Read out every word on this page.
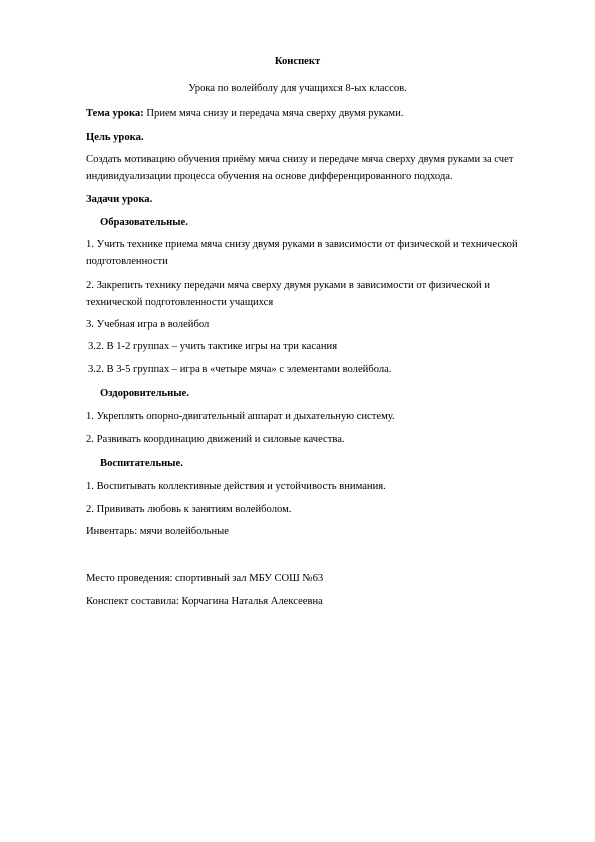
Конспект
Урока по волейболу для учащихся 8-ых классов.
Тема урока: Прием мяча снизу и передача мяча сверху двумя руками.
Цель урока.
Создать мотивацию обучения приёму мяча снизу и передаче мяча сверху двумя руками за счет индивидуализации процесса обучения на основе дифференцированного подхода.
Задачи урока.
Образовательные.
1. Учить технике приема мяча снизу двумя руками в зависимости от физической и технической подготовленности
2. Закрепить технику передачи мяча сверху двумя руками в зависимости от физической и технической подготовленности учащихся
3. Учебная игра в волейбол
3.2. В 1-2 группах – учить тактике игры на три касания
3.2. В 3-5 группах – игра в «четыре мяча» с элементами волейбола.
Оздоровительные.
1. Укреплять опорно-двигательный аппарат и дыхательную систему.
2. Развивать координацию движений и силовые качества.
Воспитательные.
1. Воспитывать коллективные действия и устойчивость внимания.
2. Прививать любовь к занятиям волейболом.
Инвентарь: мячи волейбольные
Место проведения: спортивный зал МБУ СОШ №63
Конспект составила: Корчагина Наталья Алексеевна
